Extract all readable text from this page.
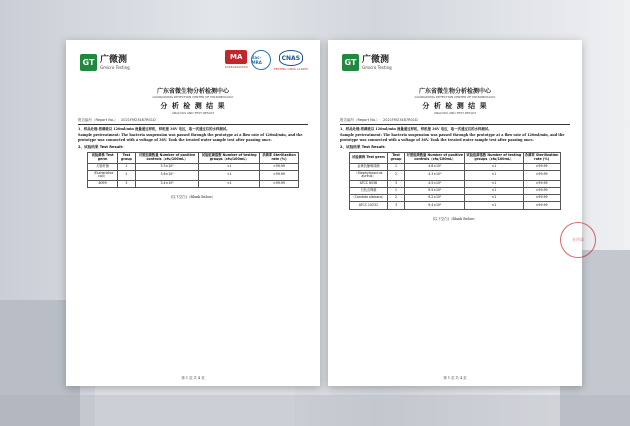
GT 广微测
Gmicro Testing
MA
201819000059
ilac-MRA
CNAS
TESTING CNAS L11655
广东省微生物分析检测中心
GUANGDONG DETECTION CENTER OF MICROBIOLOGY
分 析 检 测 结 果
ANALYSIS AND TEST RESULT
报告编号（Report No.）：2021FM23487R01D
1、样品处理:将菌液以 120ml/min 流量通过样机，样机接 36V 电压，取一次通过后的水样测试。
Sample pretreatment: The bacteria suspension was passed through the prototype at a flow rate of 120ml/min, and the prototype was connected with a voltage of 36V. Took the treated water sample test after passing once.
2、试验结果 Test Result:
试验菌株 Test germ	Test group	对照组菌数量 Number of positive controls（cfu/100mL）	试验组菌落数 Number of testing groups（cfu/100mL）	杀菌率 Sterilization rate (%)
大肠杆菌	1	3.3×10⁶	<1	>99.99
（Escherichia coli）	2	3.6×10⁶	<1	>99.99
8099	3	3.4×10⁶	<1	>99.99
(以下空白)（Blank Below）
第 1 页 共 4 页
GT 广微测
Gmicro Testing
广东省微生物分析检测中心
GUANGDONG DETECTION CENTER OF MICROBIOLOGY
分 析 检 测 结 果
ANALYSIS AND TEST RESULT
报告编号（Report No.）：2021FM23487R01D
1、样品处理:将菌液以 120ml/min 流量通过样机，样机接 36V 电压，取一次通过后的水样测试。
Sample pretreatment: The bacteria suspension was passed through the prototype at a flow rate of 120ml/min, and the prototype was connected with a voltage of 36V. Took the treated water sample test after passing once.
2、试验结果 Test Result:
试验菌株 Test germ	Test group	对照组菌数量 Number of positive controls（cfu/100mL）	试验组菌落数 Number of testing groups（cfu/100mL）	杀菌率 Sterilization rate (%)
金黄色葡萄球菌	1	4.6×10⁶	<1	>99.99
（Staphylococcus aureus）	2	4.3×10⁶	<1	>99.99
ATCC 6538	3	4.5×10⁶	<1	>99.99
白色念珠菌	1	9.5×10⁵	<1	>99.99
（Candida albicans）	2	9.2×10⁵	<1	>99.99
ATCC 10231	3	9.4×10⁵	<1	>99.99
(以下空白)（Blank Below）
第 1 页 共 4 页
专用章
